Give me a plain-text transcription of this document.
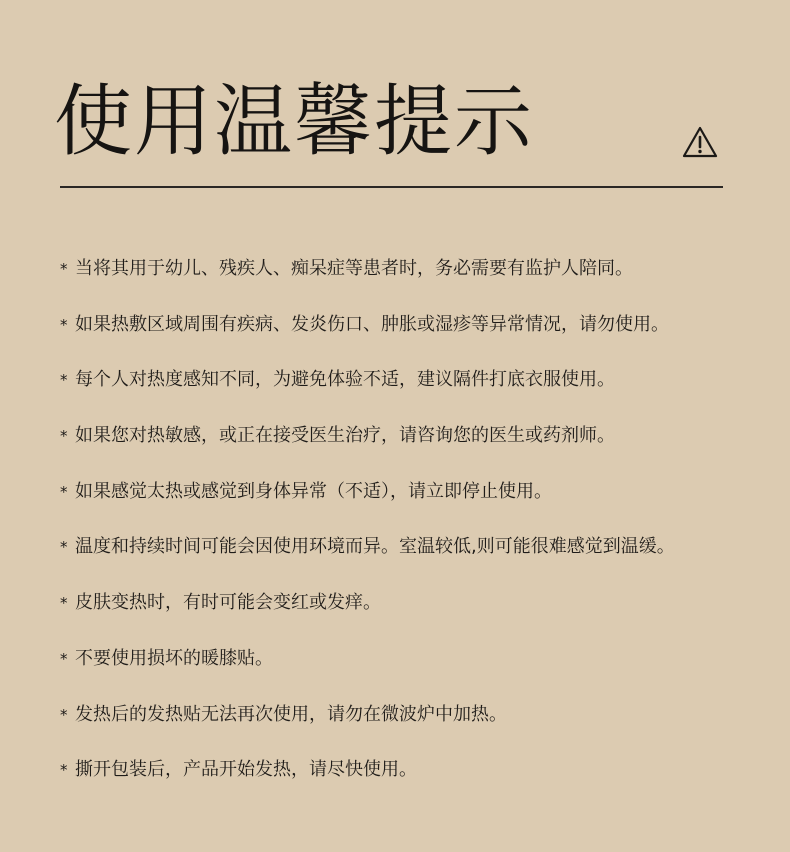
使用温馨提示
* 当将其用于幼儿、残疾人、痴呆症等患者时，务必需要有监护人陪同。
* 如果热敷区域周围有疾病、发炎伤口、肿胀或湿疹等异常情况，请勿使用。
* 每个人对热度感知不同，为避免体验不适，建议隔件打底衣服使用。
* 如果您对热敏感，或正在接受医生治疗，请咨询您的医生或药剂师。
* 如果感觉太热或感觉到身体异常（不适），请立即停止使用。
* 温度和持续时间可能会因使用环境而异。室温较低,则可能很难感觉到温缓。
* 皮肤变热时，有时可能会变红或发痒。
* 不要使用损坏的暖膝贴。
* 发热后的发热贴无法再次使用，请勿在微波炉中加热。
* 撕开包装后，产品开始发热，请尽快使用。
